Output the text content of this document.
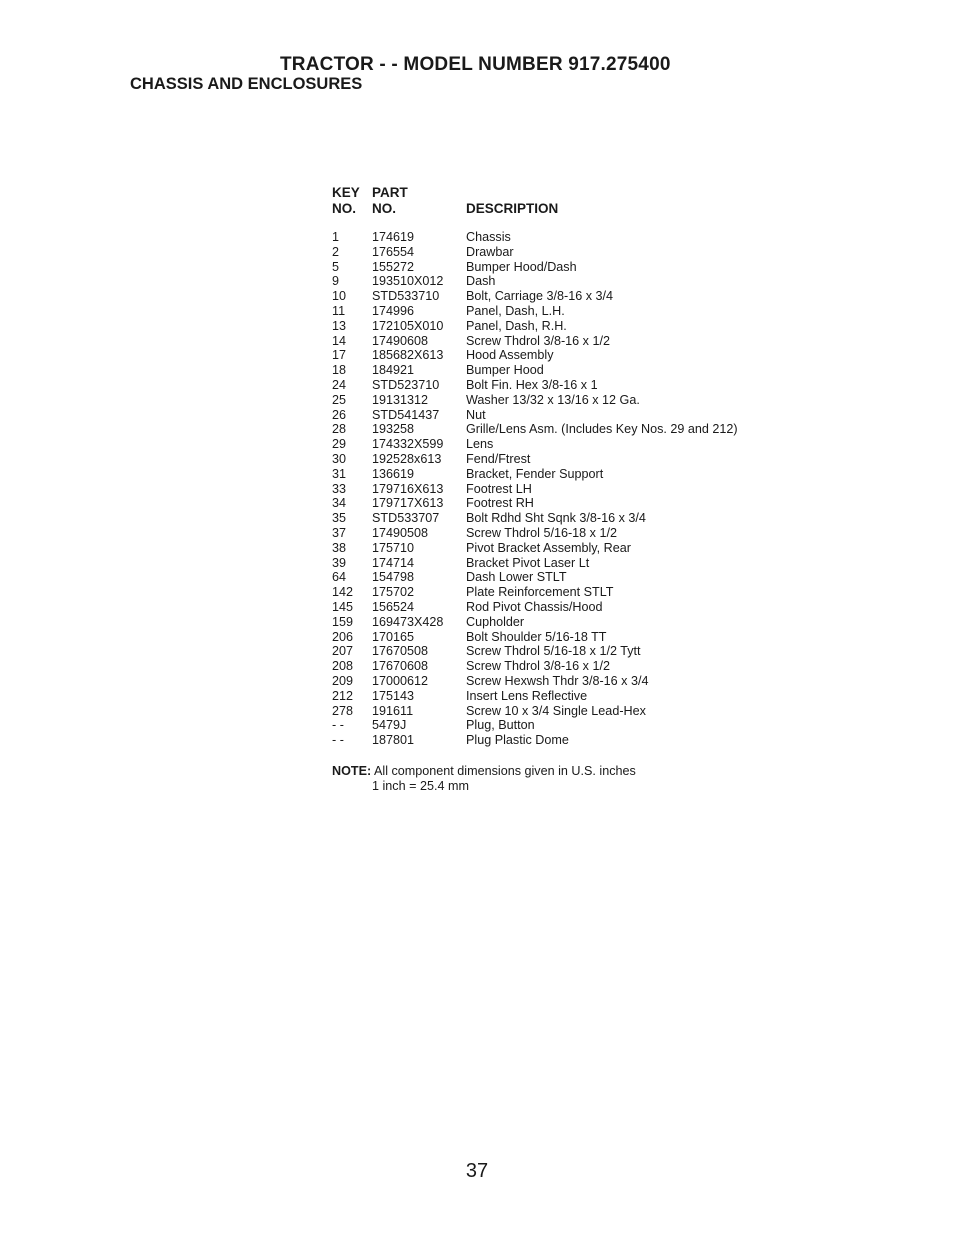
TRACTOR - - MODEL NUMBER 917.275400
CHASSIS AND ENCLOSURES
KEY	PART	
NO.	NO.	DESCRIPTION
1	174619	Chassis
2	176554	Drawbar
5	155272	Bumper Hood/Dash
9	193510X012	Dash
10	STD533710	Bolt, Carriage 3/8-16 x 3/4
11	174996	Panel, Dash, L.H.
13	172105X010	Panel, Dash, R.H.
14	17490608	Screw Thdrol 3/8-16 x 1/2
17	185682X613	Hood Assembly
18	184921	Bumper Hood
24	STD523710	Bolt Fin. Hex 3/8-16 x 1
25	19131312	Washer 13/32 x 13/16 x 12 Ga.
26	STD541437	Nut
28	193258	Grille/Lens Asm. (Includes Key Nos. 29 and 212)
29	174332X599	Lens
30	192528x613	Fend/Ftrest
31	136619	Bracket, Fender Support
33	179716X613	Footrest LH
34	179717X613	Footrest RH
35	STD533707	Bolt Rdhd Sht Sqnk 3/8-16 x 3/4
37	17490508	Screw Thdrol 5/16-18 x 1/2
38	175710	Pivot Bracket Assembly, Rear
39	174714	Bracket Pivot Laser Lt
64	154798	Dash Lower STLT
142	175702	Plate Reinforcement STLT
145	156524	Rod Pivot Chassis/Hood
159	169473X428	Cupholder
206	170165	Bolt Shoulder 5/16-18 TT
207	17670508	Screw Thdrol 5/16-18 x 1/2 Tytt
208	17670608	Screw Thdrol 3/8-16 x 1/2
209	17000612	Screw Hexwsh Thdr 3/8-16 x 3/4
212	175143	Insert Lens Reflective
278	191611	Screw 10 x 3/4 Single Lead-Hex
- -	5479J	Plug, Button
- -	187801	Plug Plastic Dome
NOTE: All component dimensions given in U.S. inches
1 inch = 25.4 mm
37
